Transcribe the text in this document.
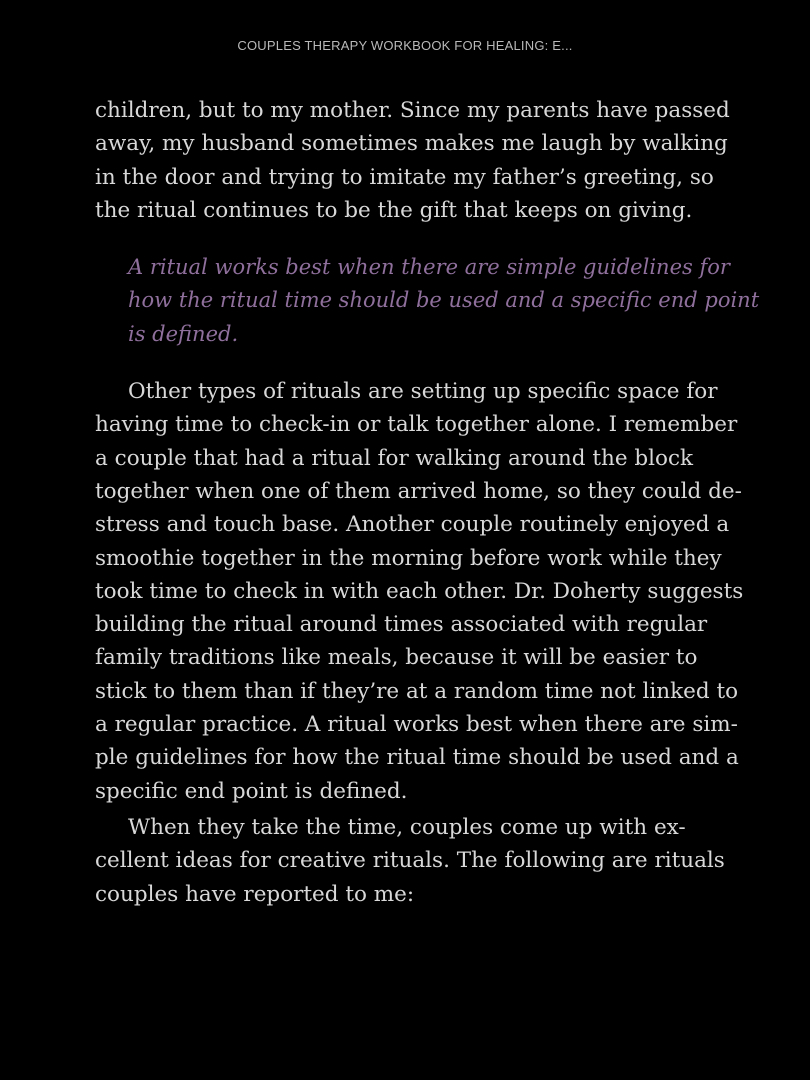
COUPLES THERAPY WORKBOOK FOR HEALING: E...

children, but to my mother. Since my parents have passed
away, my husband sometimes makes me laugh by walking
in the door and trying to imitate my father’s greeting, so
the ritual continues to be the gift that keeps on giving.

A ritual works best when there are simple guidelines for
how the ritual time should be used and a specific end point
is defined.

Other types of rituals are setting up specific space for
having time to check-in or talk together alone. I remember
a couple that had a ritual for walking around the block
together when one of them arrived home, so they could de-
stress and touch base. Another couple routinely enjoyed a
smoothie together in the morning before work while they
took time to check in with each other. Dr. Doherty suggests
building the ritual around times associated with regular
family traditions like meals, because it will be easier to
stick to them than if they’re at a random time not linked to
a regular practice. A ritual works best when there are sim-
ple guidelines for how the ritual time should be used and a
specific end point is defined.

When they take the time, couples come up with ex-
cellent ideas for creative rituals. The following are rituals
couples have reported to me:
